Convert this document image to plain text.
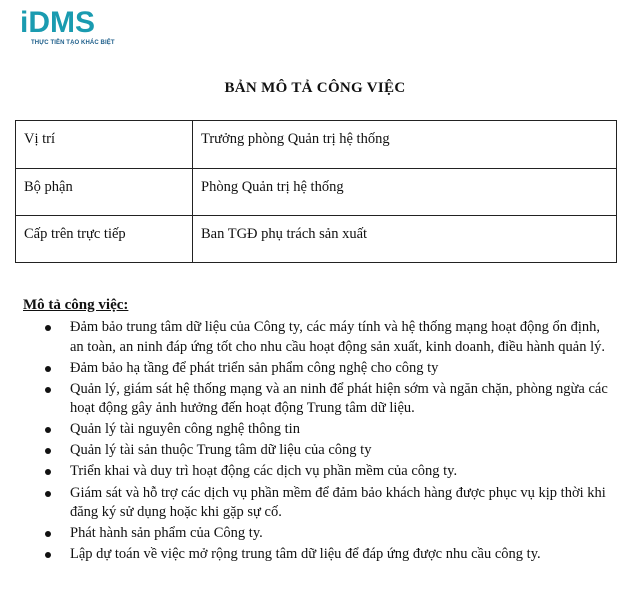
iDMS
THỰC TIỄN TẠO KHÁC BIỆT
BẢN MÔ TẢ CÔNG VIỆC
Vị trí	Trưởng phòng Quản trị hệ thống
Bộ phận	Phòng Quản trị hệ thống
Cấp trên trực tiếp	Ban TGĐ phụ trách sản xuất
Mô tả công việc:
Đảm bảo trung tâm dữ liệu của Công ty, các máy tính và hệ thống mạng hoạt động ổn định, an toàn, an ninh đáp ứng tốt cho nhu cầu hoạt động sản xuất, kinh doanh, điều hành quản lý.
Đảm bảo hạ tầng để phát triển sản phẩm công nghệ cho công ty
Quản lý, giám sát hệ thống mạng và an ninh để phát hiện sớm và ngăn chặn, phòng ngừa các hoạt động gây ảnh hưởng đến hoạt động Trung tâm dữ liệu.
Quản lý tài nguyên công nghệ thông tin
Quản lý tài sản thuộc Trung tâm dữ liệu của công ty
Triển khai và duy trì hoạt động các dịch vụ phần mềm của công ty.
Giám sát và hỗ trợ các dịch vụ phần mềm để đảm bảo khách hàng được phục vụ kịp thời khi đăng ký sử dụng hoặc khi gặp sự cố.
Phát hành sản phẩm của Công ty.
Lập dự toán về việc mở rộng trung tâm dữ liệu để đáp ứng được nhu cầu công ty.
